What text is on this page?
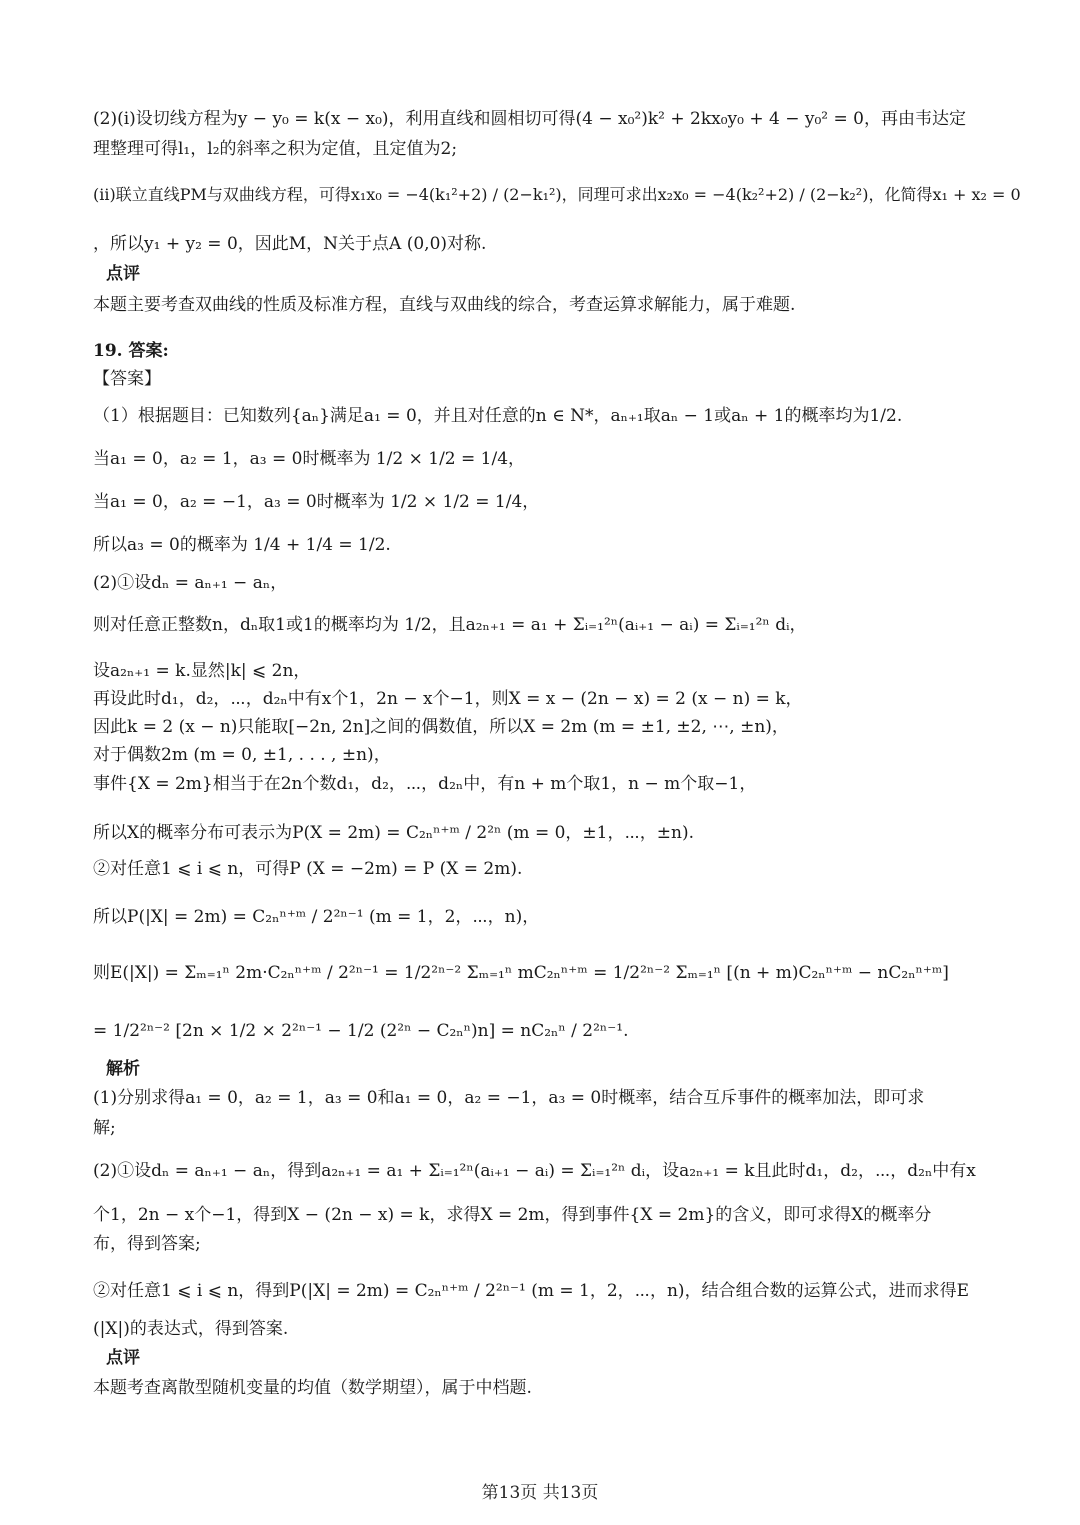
(2)(i)设切线方程为y − y₀ = k(x − x₀)，利用直线和圆相切可得(4 − x₀²)k² + 2kx₀y₀ + 4 − y₀² = 0，再由韦达定
理整理可得l₁，l₂的斜率之积为定值，且定值为2;
(ii)联立直线PM与双曲线方程，可得x₁x₀ = −4(k₁²+2) / (2−k₁²)，同理可求出x₂x₀ = −4(k₂²+2) / (2−k₂²)，化简得x₁ + x₂ = 0
，所以y₁ + y₂ = 0，因此M，N关于点A (0,0)对称.
点评
本题主要考查双曲线的性质及标准方程，直线与双曲线的综合，考查运算求解能力，属于难题.
19. 答案:
【答案】
（1）根据题目：已知数列{aₙ}满足a₁ = 0，并且对任意的n ∈ N*，aₙ₊₁取aₙ − 1或aₙ + 1的概率均为1/2.
当a₁ = 0，a₂ = 1，a₃ = 0时概率为 1/2 × 1/2 = 1/4，
当a₁ = 0，a₂ = −1，a₃ = 0时概率为 1/2 × 1/2 = 1/4，
所以a₃ = 0的概率为 1/4 + 1/4 = 1/2.
(2)①设dₙ = aₙ₊₁ − aₙ，
则对任意正整数n，dₙ取1或1的概率均为 1/2，且a₂ₙ₊₁ = a₁ + Σᵢ₌₁²ⁿ(aᵢ₊₁ − aᵢ) = Σᵢ₌₁²ⁿ dᵢ，
设a₂ₙ₊₁ = k.显然|k| ⩽ 2n，
再设此时d₁，d₂，⋯，d₂ₙ中有x个1，2n − x个−1，则X = x − (2n − x) = 2 (x − n) = k，
因此k = 2 (x − n)只能取[−2n, 2n]之间的偶数值，所以X = 2m (m = ±1, ±2, ⋯, ±n)，
对于偶数2m (m = 0, ±1, . . . , ±n)，
事件{X = 2m}相当于在2n个数d₁，d₂，⋯，d₂ₙ中，有n + m个取1，n − m个取−1，
所以X的概率分布可表示为P(X = 2m) = C₂ₙⁿ⁺ᵐ / 2²ⁿ (m = 0，±1，⋯，±n).
②对任意1 ⩽ i ⩽ n，可得P (X = −2m) = P (X = 2m).
所以P(|X| = 2m) = C₂ₙⁿ⁺ᵐ / 2²ⁿ⁻¹ (m = 1，2，⋯，n)，
则E(|X|) = Σₘ₌₁ⁿ 2m·C₂ₙⁿ⁺ᵐ / 2²ⁿ⁻¹ = 1/2²ⁿ⁻² Σₘ₌₁ⁿ mC₂ₙⁿ⁺ᵐ = 1/2²ⁿ⁻² Σₘ₌₁ⁿ [(n + m)C₂ₙⁿ⁺ᵐ − nC₂ₙⁿ⁺ᵐ]
= 1/2²ⁿ⁻² [2n × 1/2 × 2²ⁿ⁻¹ − 1/2 (2²ⁿ − C₂ₙⁿ)n] = nC₂ₙⁿ / 2²ⁿ⁻¹.
解析
(1)分别求得a₁ = 0，a₂ = 1，a₃ = 0和a₁ = 0，a₂ = −1，a₃ = 0时概率，结合互斥事件的概率加法，即可求
解;
(2)①设dₙ = aₙ₊₁ − aₙ，得到a₂ₙ₊₁ = a₁ + Σᵢ₌₁²ⁿ(aᵢ₊₁ − aᵢ) = Σᵢ₌₁²ⁿ dᵢ，设a₂ₙ₊₁ = k且此时d₁，d₂，⋯，d₂ₙ中有x
个1，2n − x个−1，得到X − (2n − x) = k，求得X = 2m，得到事件{X = 2m}的含义，即可求得X的概率分
布，得到答案;
②对任意1 ⩽ i ⩽ n，得到P(|X| = 2m) = C₂ₙⁿ⁺ᵐ / 2²ⁿ⁻¹ (m = 1，2，⋯，n)，结合组合数的运算公式，进而求得E
(|X|)的表达式，得到答案.
点评
本题考查离散型随机变量的均值（数学期望），属于中档题.
第13页 共13页
